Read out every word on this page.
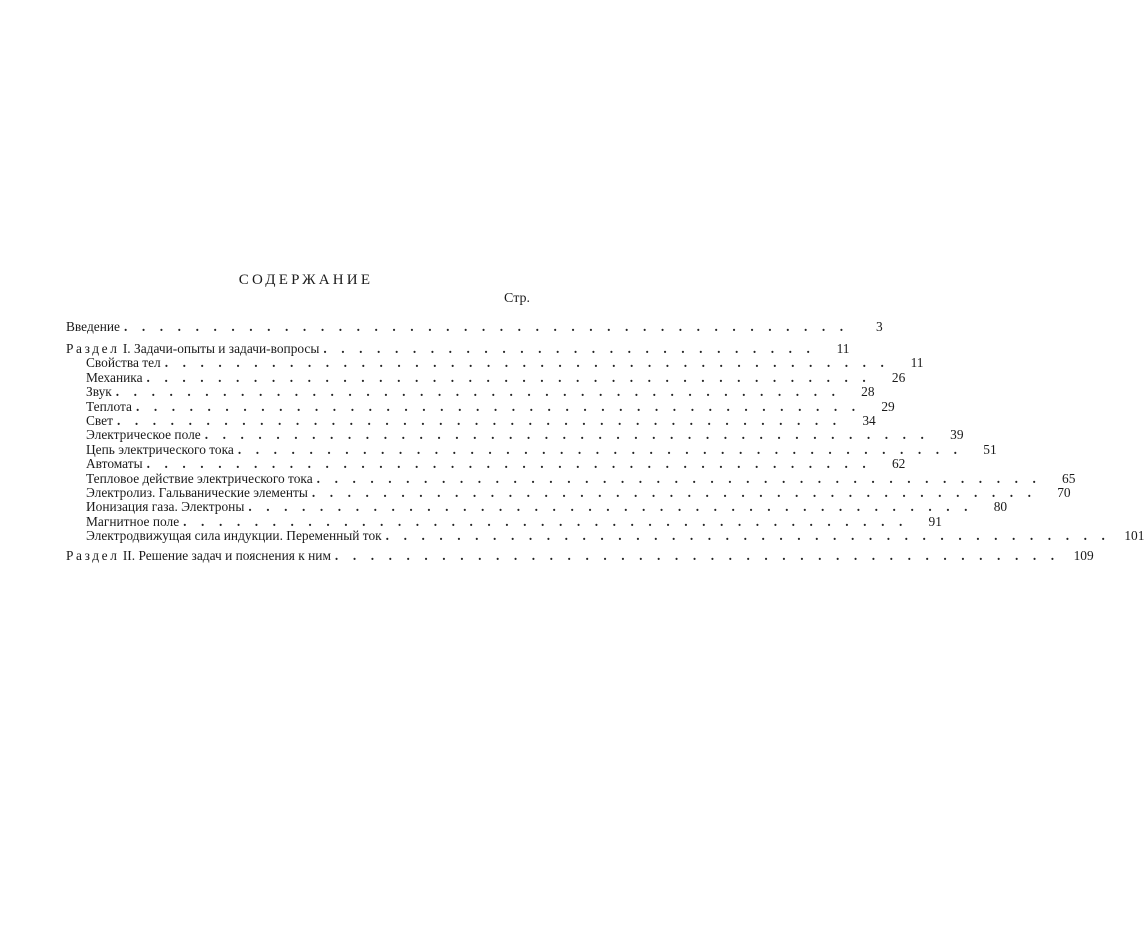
СОДЕРЖАНИЕ
Стр.
Введение . . . . . . . . . . . . . . . . . . . . . . . . . . . . . . . . . . . . . . . . .	3
Раздел I. Задачи-опыты и задачи-вопросы . . . . . . . . . . . . . . . . . . . . . . . . . . . .	11
Свойства тел . . . . . . . . . . . . . . . . . . . . . . . . . . . . . . . . . . . . . . . . .	11
Механика . . . . . . . . . . . . . . . . . . . . . . . . . . . . . . . . . . . . . . . . .	26
Звук . . . . . . . . . . . . . . . . . . . . . . . . . . . . . . . . . . . . . . . . .	28
Теплота . . . . . . . . . . . . . . . . . . . . . . . . . . . . . . . . . . . . . . . . .	29
Свет . . . . . . . . . . . . . . . . . . . . . . . . . . . . . . . . . . . . . . . . .	34
Электрическое поле . . . . . . . . . . . . . . . . . . . . . . . . . . . . . . . . . . . . . . . . .	39
Цепь электрического тока . . . . . . . . . . . . . . . . . . . . . . . . . . . . . . . . . . . . . . . . .	51
Автоматы . . . . . . . . . . . . . . . . . . . . . . . . . . . . . . . . . . . . . . . . .	62
Тепловое действие электрического тока . . . . . . . . . . . . . . . . . . . . . . . . . . . . . . . . . . . . . . . . .	65
Электролиз. Гальванические элементы . . . . . . . . . . . . . . . . . . . . . . . . . . . . . . . . . . . . . . . . .	70
Ионизация газа. Электроны . . . . . . . . . . . . . . . . . . . . . . . . . . . . . . . . . . . . . . . . .	80
Магнитное поле . . . . . . . . . . . . . . . . . . . . . . . . . . . . . . . . . . . . . . . . .	91
Электродвижущая сила индукции. Переменный ток . . . . . . . . . . . . . . . . . . . . . . . . . . . . . . . . . . . . . . . . .	101
Раздел II. Решение задач и пояснения к ним . . . . . . . . . . . . . . . . . . . . . . . . . . . . . . . . . . . . . . . . .	109
